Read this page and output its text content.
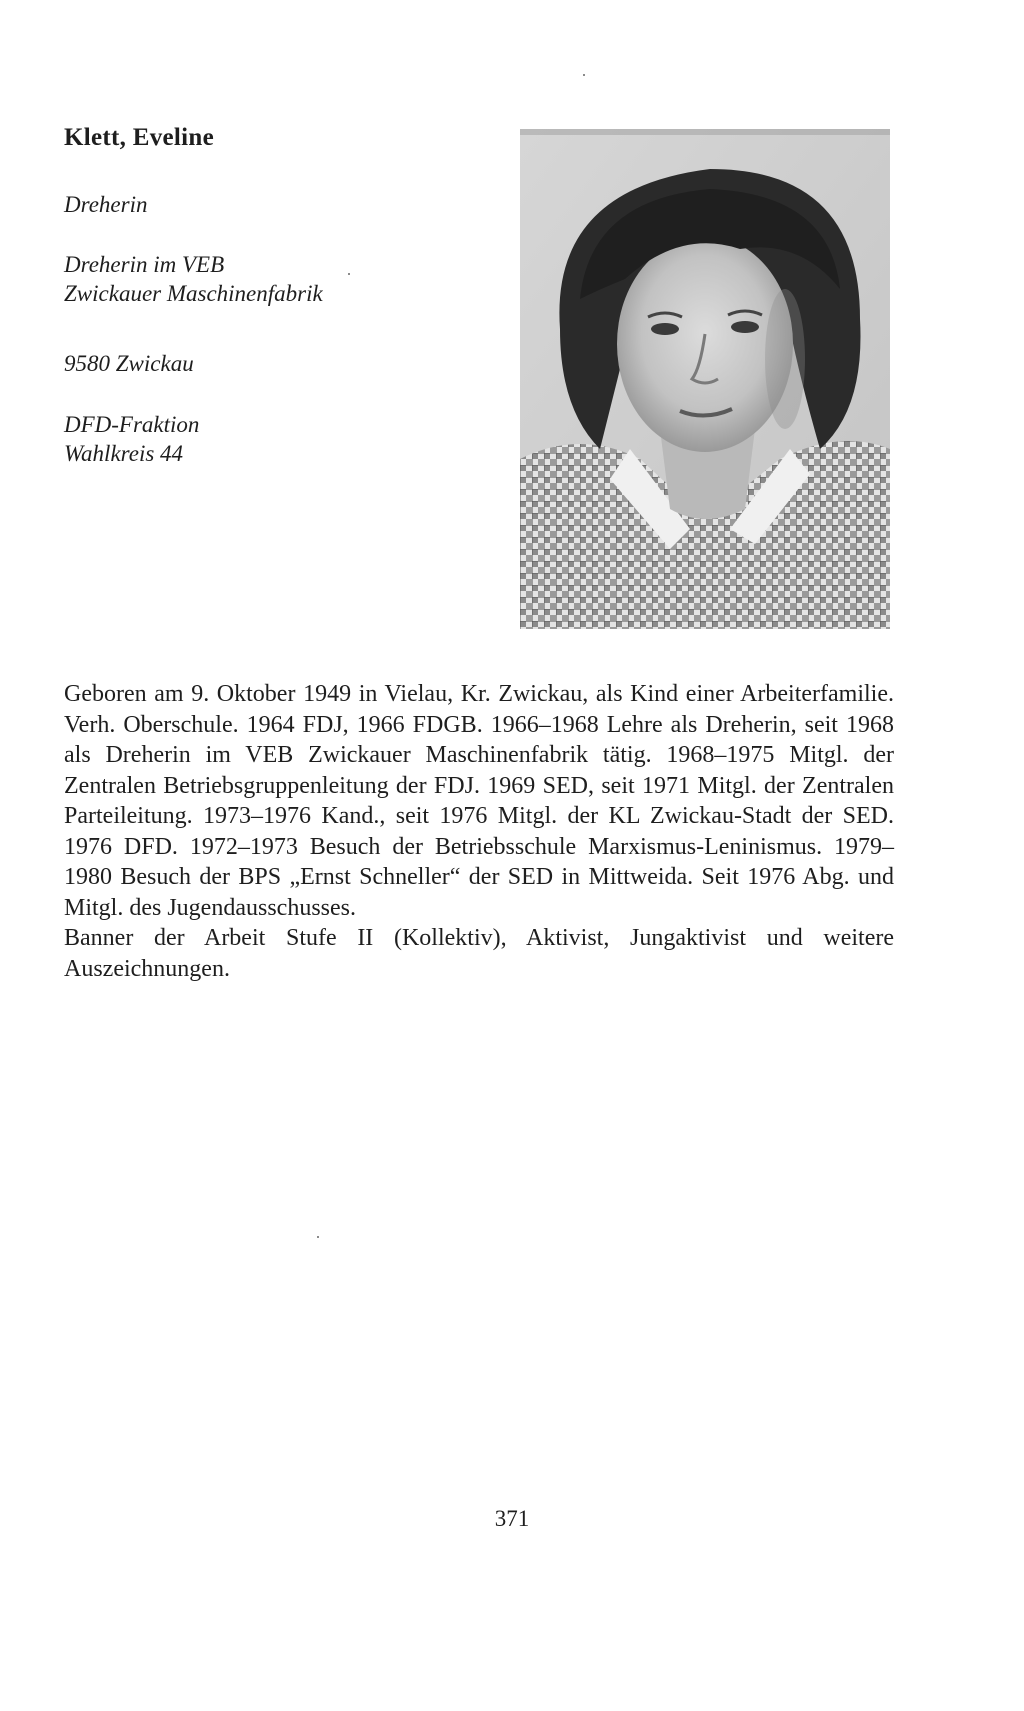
Klett, Eveline
Dreherin
Dreherin im VEB
Zwickauer Maschinenfabrik
9580 Zwickau
DFD-Fraktion
Wahlkreis 44

Geboren am 9. Oktober 1949 in Vielau, Kr. Zwickau, als Kind einer Arbeiterfamilie. Verh. Oberschule. 1964 FDJ, 1966 FDGB. 1966–1968 Lehre als Dreherin, seit 1968 als Dreherin im VEB Zwickauer Maschinenfabrik tätig. 1968–1975 Mitgl. der Zentralen Betriebsgruppenleitung der FDJ. 1969 SED, seit 1971 Mitgl. der Zentralen Parteileitung. 1973–1976 Kand., seit 1976 Mitgl. der KL Zwickau-Stadt der SED. 1976 DFD. 1972–1973 Besuch der Betriebsschule Marxismus-Leninismus. 1979–1980 Besuch der BPS „Ernst Schneller“ der SED in Mittweida. Seit 1976 Abg. und Mitgl. des Jugendausschusses.

Banner der Arbeit Stufe II (Kollektiv), Aktivist, Jungaktivist und weitere Auszeichnungen.

371
